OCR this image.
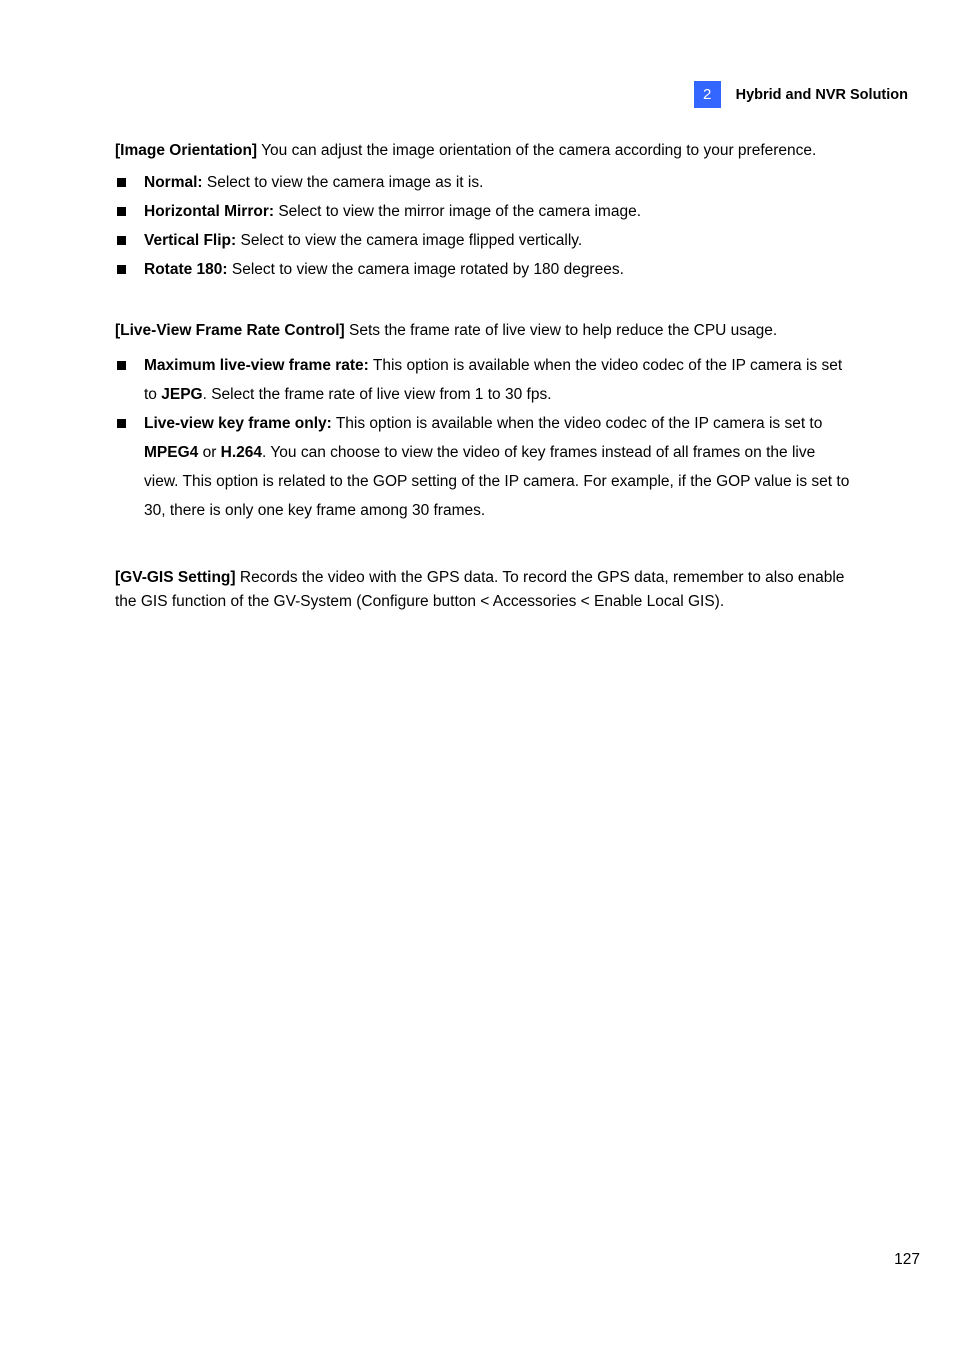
2	Hybrid and NVR Solution

[Image Orientation] You can adjust the image orientation of the camera according to your preference.

Normal: Select to view the camera image as it is.
Horizontal Mirror: Select to view the mirror image of the camera image.
Vertical Flip: Select to view the camera image flipped vertically.
Rotate 180: Select to view the camera image rotated by 180 degrees.

[Live-View Frame Rate Control] Sets the frame rate of live view to help reduce the CPU usage.

Maximum live-view frame rate: This option is available when the video codec of the IP camera is set to JEPG. Select the frame rate of live view from 1 to 30 fps.
Live-view key frame only: This option is available when the video codec of the IP camera is set to MPEG4 or H.264. You can choose to view the video of key frames instead of all frames on the live view. This option is related to the GOP setting of the IP camera. For example, if the GOP value is set to 30, there is only one key frame among 30 frames.

[GV-GIS Setting] Records the video with the GPS data. To record the GPS data, remember to also enable the GIS function of the GV-System (Configure button < Accessories < Enable Local GIS).

127
